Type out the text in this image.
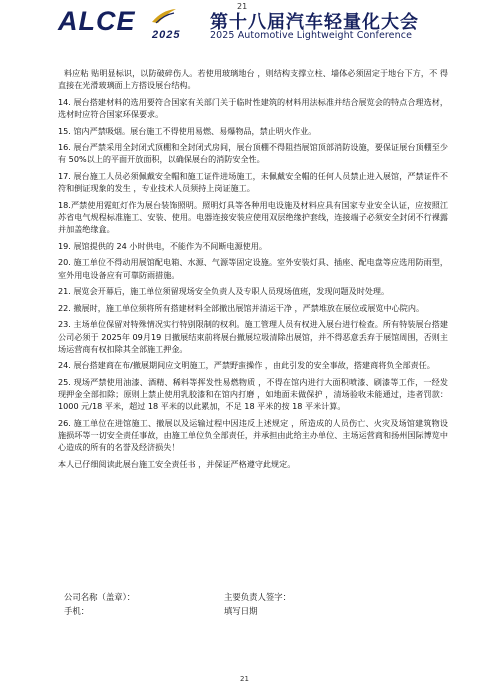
21
ALCE 2025
第十八届汽车轻量化大会
2025 Automotive Lightweight Conference

料应粘 贴明显标识，以防破碎伤人。若使用玻璃地台 ，则结构支撑立柱、墙体必须固定于地台下方，不 得直接在光滑玻璃面上方搭设展台结构。

14. 展台搭建材料的选用要符合国家有关部门关于临时性建筑的材料用法标准并结合展览会的特点合理选材，选材时应符合国家环保要求。

15. 馆内严禁吸烟。展台施工不得使用易燃、易爆物品，禁止明火作业。

16. 展台严禁采用全封闭式顶棚和全封闭式房间，展台顶棚不得阻挡展馆顶部消防设施，要保证展台顶棚至少有 50%以上的平面开放面积，以确保展台的消防安全性。

17. 展台施工人员必须佩戴安全帽和施工证件进场施工，未佩戴安全帽的任何人员禁止进入展馆，严禁证件不符和倒证现象的发生 ，专业技术人员须持上岗证施工。

18.严禁使用霓虹灯作为展台装饰照明。照明灯具等各种用电设施及材料应具有国家专业安全认证，应按照江苏省电气规程标准施工、安装、使用。电器连接安装应使用双层绝缘护套线，连接端子必须安全封闭不行裸露并加盖绝缘盒。

19. 展馆提供的 24 小时供电，不能作为不间断电源使用。

20. 施工单位不得动用展馆配电箱、水源、气源等固定设施。室外安装灯具、插座、配电盘等应选用防雨型，室外用电设备应有可靠防雨措施。

21. 展览会开幕后，施工单位须留现场安全负责人及专职人员现场值班，发现问题及时处理。

22. 撤展时，施工单位须将所有搭建材料全部撤出展馆并清运干净 ，严禁堆放在展位或展览中心院内。

23. 主场单位保留对特殊情况实行特别限制的权利。施工管理人员有权进入展台进行检查。所有特装展台搭建公司必须于 2025年 09月19 日撤展结束前将展台撤展垃圾清除出展馆，并不得恶意丢弃于展馆周围，否则主场运营商有权扣除其全部施工押金。

24. 展台搭建商在布/撤展期间应文明施工，严禁野蛮操作 ，由此引发的安全事故，搭建商将负全部责任。

25. 现场严禁使用油漆、酒精、稀料等挥发性易燃物质 ，不得在馆内进行大面积喷漆、刷漆等工作，一经发现押金全部扣除；原则上禁止使用乳胶漆和在馆内打磨 ，如地面未做保护 ，清场验收未能通过，违者罚款：1000 元/18 平米，超过 18 平米的以此累加，不足 18 平米的按 18 平米计算。

26. 施工单位在进馆施工、撤展以及运输过程中因违反上述规定 ，所造成的人员伤亡、火灾及场馆建筑物设施损坏等一切安全责任事故，由施工单位负全部责任，并承担由此给主办单位、主场运营商和扬州国际博览中心造成的所有的名誉及经济损失！

本人已仔细阅读此展台施工安全责任书 ，并保证严格遵守此规定。

公司名称（盖章）：	主要负责人签字：
手机：	填写日期
21
